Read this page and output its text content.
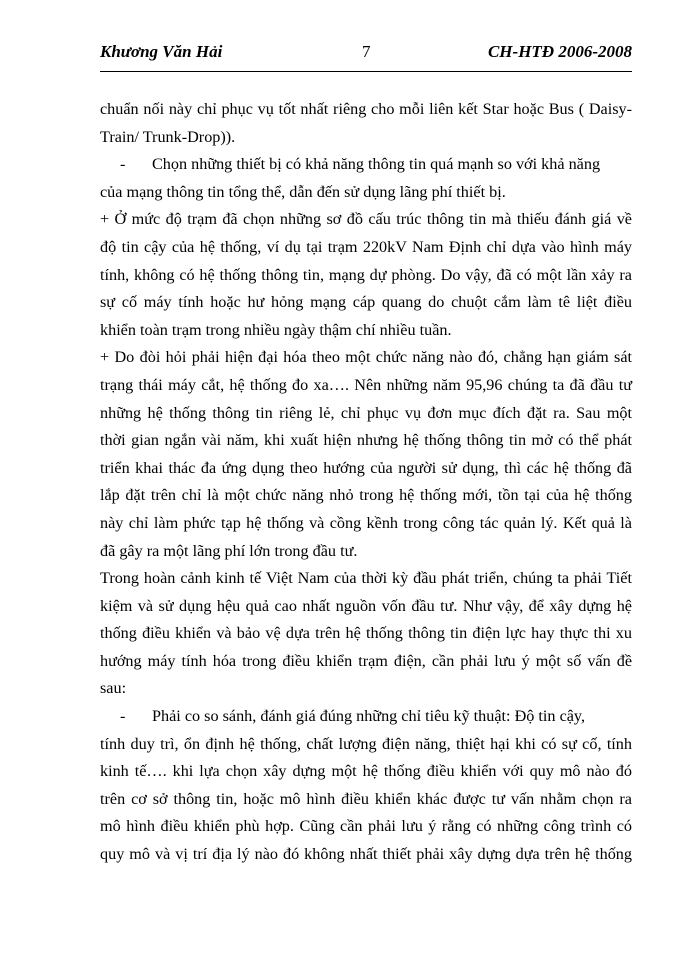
Khương Văn Hải	7	CH-HTĐ 2006-2008
chuẩn nối này chỉ phục vụ tốt nhất riêng cho mỗi liên kết Star hoặc Bus ( Daisy-
Train/ Trunk-Drop)).
- Chọn những thiết bị có khả năng thông tin quá mạnh so với khả năng
của mạng thông tin tổng thể, dẫn đến sử dụng lãng phí thiết bị.
+ Ở mức độ trạm đã chọn những sơ đồ cấu trúc thông tin mà thiếu đánh giá về
độ tin cậy của hệ thống, ví dụ tại trạm 220kV Nam Định chỉ dựa vào hình máy
tính, không có hệ thống thông tin, mạng dự phòng. Do vậy, đã có một lần xảy ra
sự cố máy tính hoặc hư hỏng mạng cáp quang do chuột cắm làm tê liệt điều
khiển toàn trạm trong nhiều ngày thậm chí nhiều tuần.
+ Do đòi hỏi phải hiện đại hóa theo một chức năng nào đó, chẳng hạn giám sát
trạng thái máy cắt, hệ thống đo xa…. Nên những năm 95,96 chúng ta đã đầu tư
những hệ thống thông tin riêng lẻ, chỉ phục vụ đơn mục đích đặt ra. Sau một
thời gian ngắn vài năm, khi xuất hiện nhưng hệ thống thông tin mở có thể phát
triển khai thác đa ứng dụng theo hướng của người sử dụng, thì các hệ thống đã
lắp đặt trên chỉ là một chức năng nhỏ trong hệ thống mới, tồn tại của hệ thống
này chỉ làm phức tạp hệ thống và cồng kềnh trong công tác quản lý. Kết quả là
đã gây ra một lãng phí lớn trong đầu tư.
Trong hoàn cảnh kinh tế Việt Nam của thời kỳ đầu phát triển, chúng ta phải Tiết
kiệm và sử dụng hệu quả cao nhất nguồn vốn đầu tư. Như vậy, để xây dựng hệ
thống điều khiển và bảo vệ dựa trên hệ thống thông tin điện lực hay thực thi xu
hướng máy tính hóa trong điều khiển trạm điện, cần phải lưu ý một số vấn đề
sau:
- Phải co so sánh, đánh giá đúng những chỉ tiêu kỹ thuật: Độ tin cậy,
tính duy trì, ổn định hệ thống, chất lượng điện năng, thiệt hại khi có sự cố, tính
kinh tế…. khi lựa chọn xây dựng một hệ thống điều khiển với quy mô nào đó
trên cơ sở thông tin, hoặc mô hình điều khiển khác được tư vấn nhằm chọn ra
mô hình điều khiển phù hợp. Cũng cần phải lưu ý rằng có những công trình có
quy mô và vị trí địa lý nào đó không nhất thiết phải xây dựng dựa trên hệ thống
